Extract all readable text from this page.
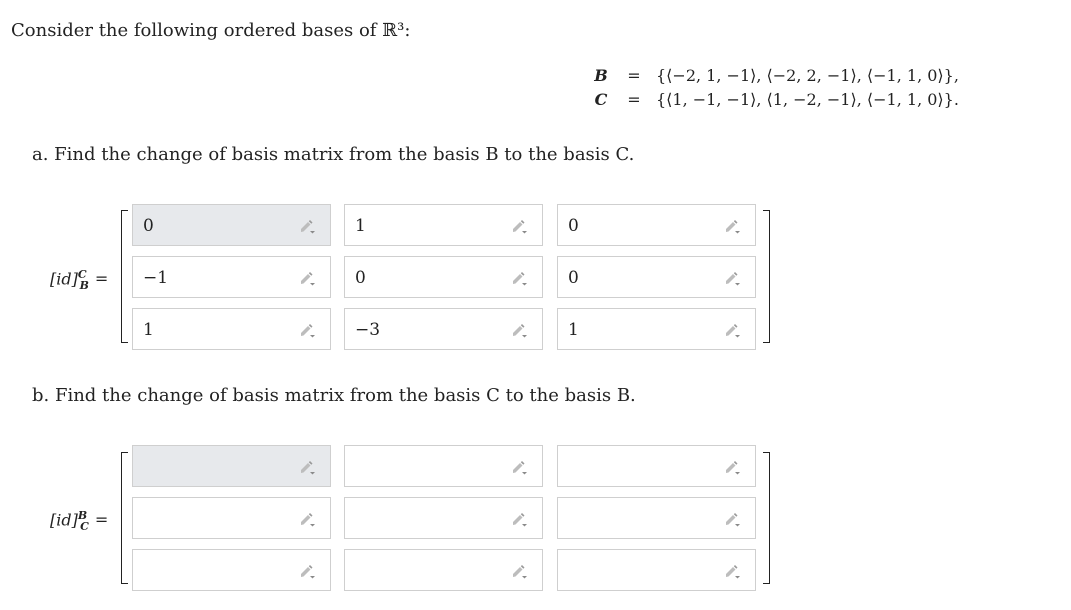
Consider the following ordered bases of ℝ³:
B	= {⟨−2, 1, −1⟩, ⟨−2, 2, −1⟩, ⟨−1, 1, 0⟩},
C	= {⟨1, −1, −1⟩, ⟨1, −2, −1⟩, ⟨−1, 1, 0⟩}.
a. Find the change of basis matrix from the basis B to the basis C.
[id]$^C_B$ =
0	1	0
−1	0	0
1	−3	1
b. Find the change of basis matrix from the basis C to the basis B.
[id]$^B_C$ =
